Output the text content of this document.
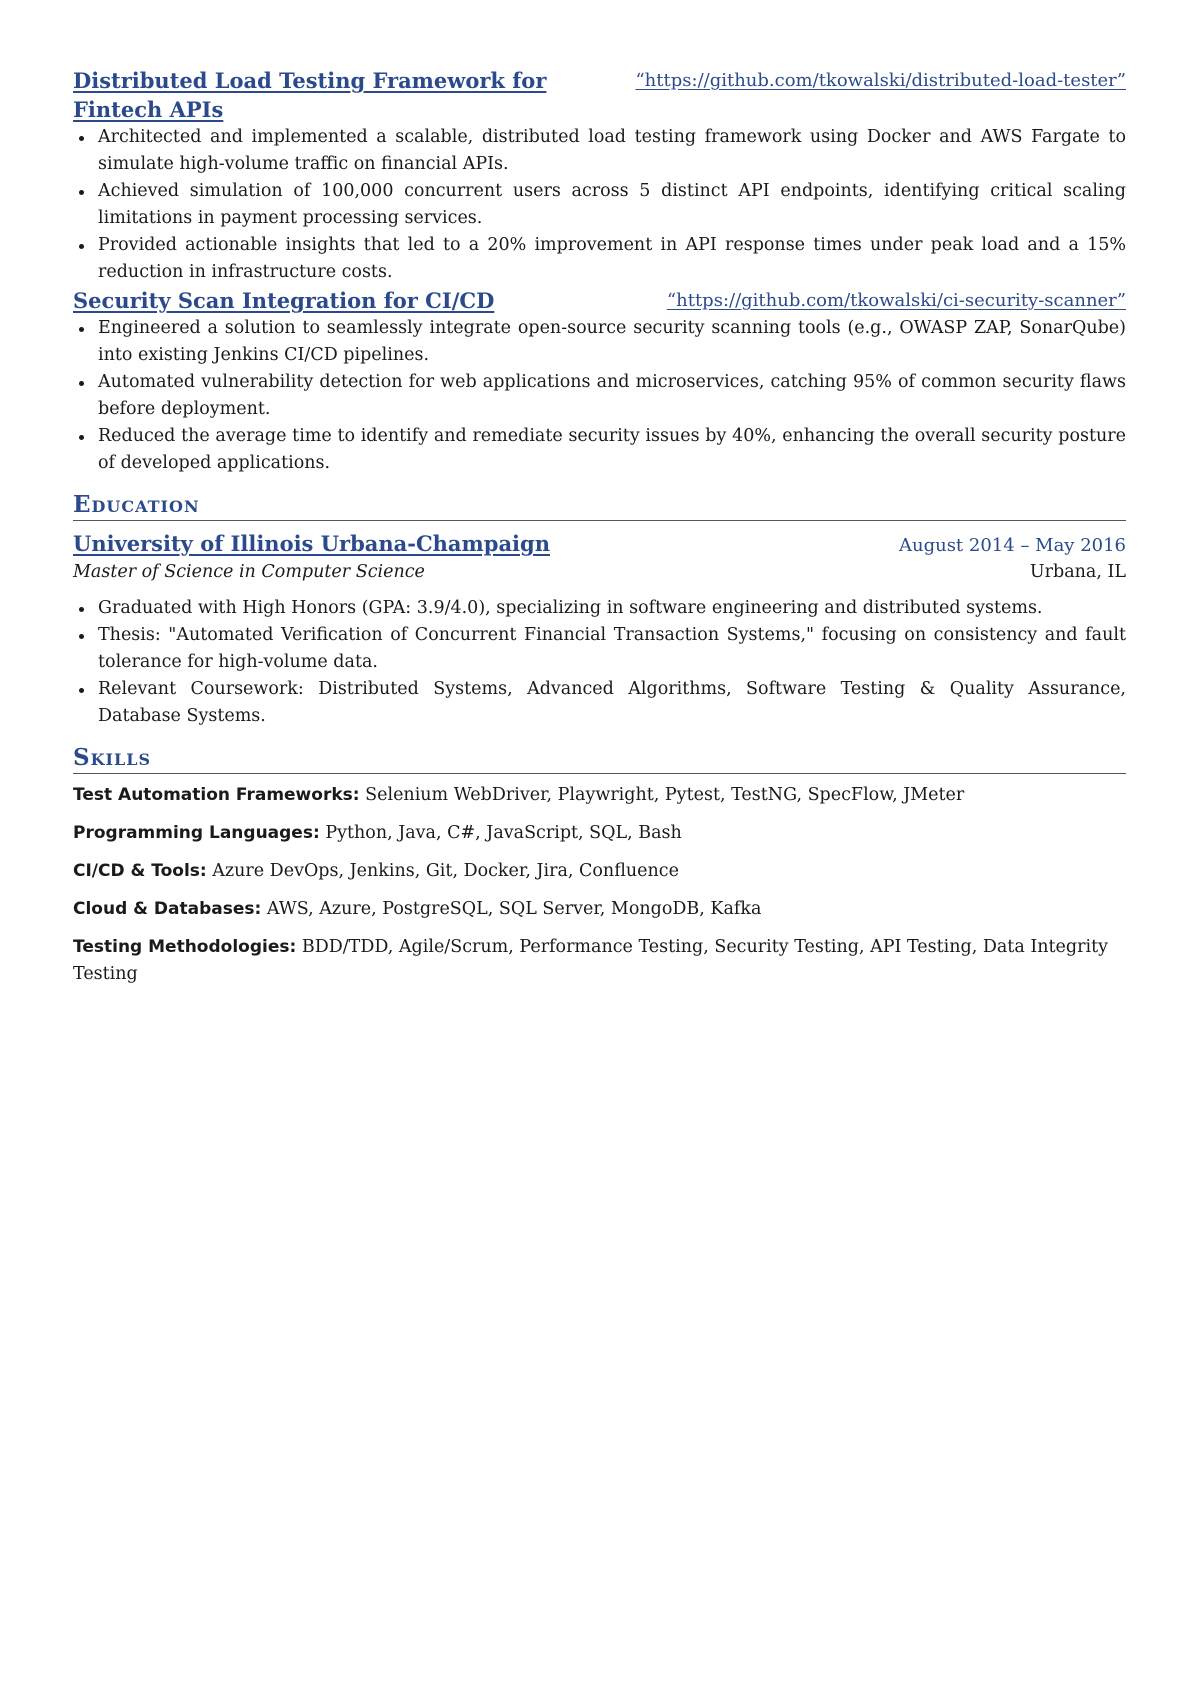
Distributed Load Testing Framework for Fintech APIs
“https://github.com/tkowalski/distributed-load-tester”
Architected and implemented a scalable, distributed load testing framework using Docker and AWS Fargate to simulate high-volume traffic on financial APIs.
Achieved simulation of 100,000 concurrent users across 5 distinct API endpoints, identifying critical scaling limitations in payment processing services.
Provided actionable insights that led to a 20% improvement in API response times under peak load and a 15% reduction in infrastructure costs.
Security Scan Integration for CI/CD	“https://github.com/tkowalski/ci-security-scanner”
Engineered a solution to seamlessly integrate open-source security scanning tools (e.g., OWASP ZAP, SonarQube) into existing Jenkins CI/CD pipelines.
Automated vulnerability detection for web applications and microservices, catching 95% of common security flaws before deployment.
Reduced the average time to identify and remediate security issues by 40%, enhancing the overall security posture of developed applications.
Education
University of Illinois Urbana-Champaign	August 2014 – May 2016
Master of Science in Computer Science	Urbana, IL
Graduated with High Honors (GPA: 3.9/4.0), specializing in software engineering and distributed systems.
Thesis: "Automated Verification of Concurrent Financial Transaction Systems," focusing on consistency and fault tolerance for high-volume data.
Relevant Coursework: Distributed Systems, Advanced Algorithms, Software Testing & Quality Assurance, Database Systems.
Skills
Test Automation Frameworks: Selenium WebDriver, Playwright, Pytest, TestNG, SpecFlow, JMeter
Programming Languages: Python, Java, C#, JavaScript, SQL, Bash
CI/CD & Tools: Azure DevOps, Jenkins, Git, Docker, Jira, Confluence
Cloud & Databases: AWS, Azure, PostgreSQL, SQL Server, MongoDB, Kafka
Testing Methodologies: BDD/TDD, Agile/Scrum, Performance Testing, Security Testing, API Testing, Data Integrity Testing
